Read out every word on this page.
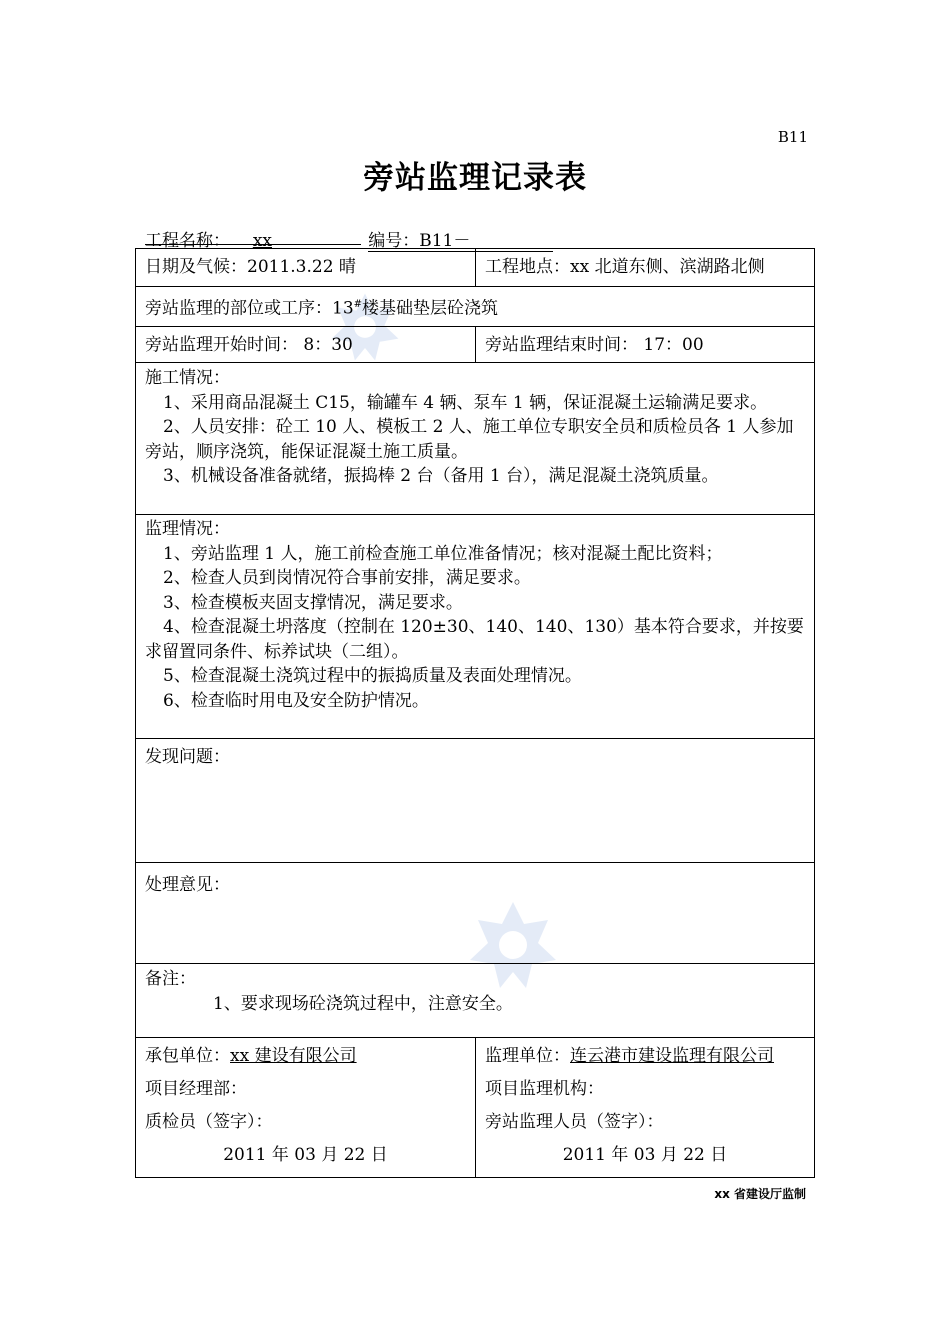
B11
旁站监理记录表
工程名称： xx	编号：B11－
日期及气候：2011.3.22 晴	工程地点：xx 北道东侧、滨湖路北侧
旁站监理的部位或工序：13#楼基础垫层砼浇筑
旁站监理开始时间： 8：30	旁站监理结束时间： 17：00
施工情况：
1、采用商品混凝土 C15，输罐车 4 辆、泵车 1 辆，保证混凝土运输满足要求。
2、人员安排：砼工 10 人、模板工 2 人、施工单位专职安全员和质检员各 1 人参加旁站，顺序浇筑，能保证混凝土施工质量。
3、机械设备准备就绪，振捣棒 2 台（备用 1 台），满足混凝土浇筑质量。
监理情况：
1、旁站监理 1 人，施工前检查施工单位准备情况；核对混凝土配比资料；
2、检查人员到岗情况符合事前安排，满足要求。
3、检查模板夹固支撑情况，满足要求。
4、检查混凝土坍落度（控制在 120±30、140、140、130）基本符合要求，并按要求留置同条件、标养试块（二组）。
5、检查混凝土浇筑过程中的振捣质量及表面处理情况。
6、检查临时用电及安全防护情况。
发现问题：
处理意见：
备注：
1、要求现场砼浇筑过程中，注意安全。
承包单位：xx 建设有限公司
项目经理部：
质检员（签字）：
2011 年 03 月 22 日
监理单位：连云港市建设监理有限公司
项目监理机构：
旁站监理人员（签字）：
2011 年 03 月 22 日
xx 省建设厅监制
